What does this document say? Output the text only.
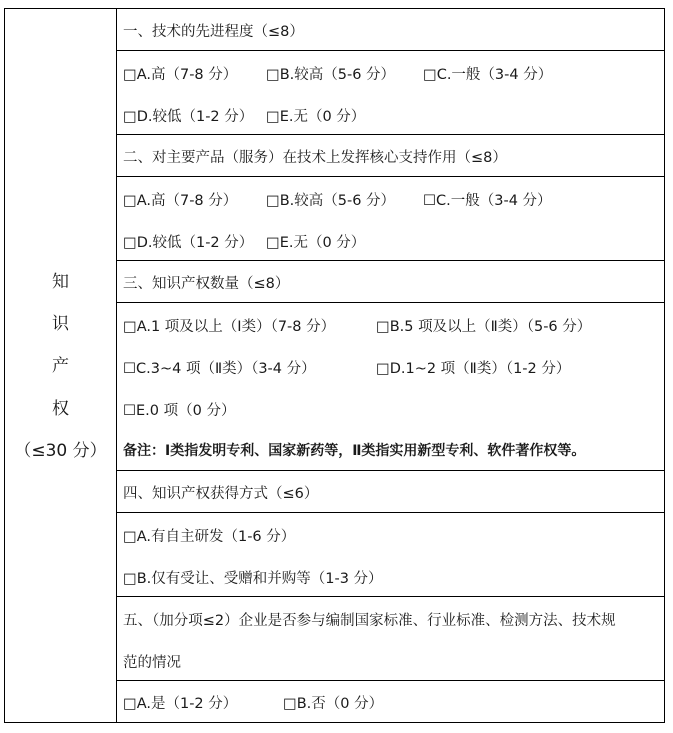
知
识
产
权
（≤30 分）
一、技术的先进程度（≤8）
□A.高（7-8 分） □B.较高（5-6 分） □C.一般（3-4 分）
□D.较低（1-2 分） □E.无（0 分）
二、对主要产品（服务）在技术上发挥核心支持作用（≤8）
□A.高（7-8 分） □B.较高（5-6 分） ☐C.一般（3-4 分）
□D.较低（1-2 分） □E.无（0 分）
三、知识产权数量（≤8）
□A.1 项及以上（Ⅰ类）（7-8 分）	□B.5 项及以上（Ⅱ类）（5-6 分）
☐C.3~4 项（Ⅱ类）（3-4 分）	□D.1~2 项（Ⅱ类）（1-2 分）
☐E.0 项（0 分）
备注：Ⅰ类指发明专利、国家新药等，Ⅱ类指实用新型专利、软件著作权等。
四、知识产权获得方式（≤6）
□A.有自主研发（1-6 分）
□B.仅有受让、受赠和并购等（1-3 分）
五、（加分项≤2）企业是否参与编制国家标准、行业标准、检测方法、技术规
范的情况
□A.是（1-2 分）	□B.否（0 分）
